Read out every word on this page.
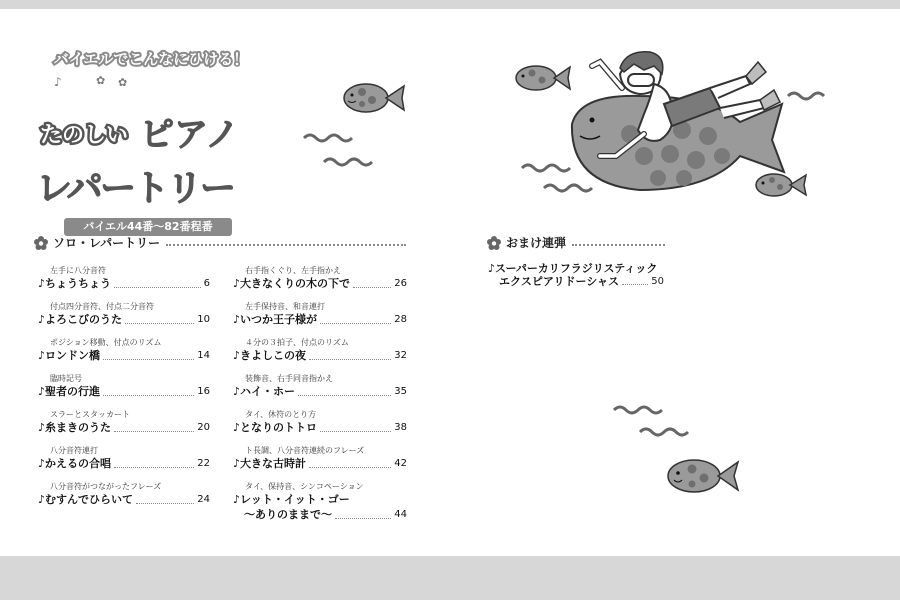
バイエルでこんなにひける！
♪	✿ ✿
たのしい ピアノ
レパートリー
バイエル44番～82番程番
ソロ・レパートリー
左手に八分音符
♪ちょうちょう	6
付点四分音符、付点二分音符
♪よろこびのうた	10
ポジション移動、付点のリズム
♪ロンドン橋	14
臨時記号
♪聖者の行進	16
スラーとスタッカート
♪糸まきのうた	20
八分音符連打
♪かえるの合唱	22
八分音符がつながったフレーズ
♪むすんでひらいて	24
右手指くぐり、左手指かえ
♪大きなくりの木の下で	26
左手保持音、和音連打
♪いつか王子様が	28
４分の３拍子、付点のリズム
♪きよしこの夜	32
装飾音、右手同音指かえ
♪ハイ・ホー	35
タイ、休符のとり方
♪となりのトトロ	38
ト長調、八分音符連続のフレーズ
♪大きな古時計	42
タイ、保持音、シンコペーション
♪レット・イット・ゴー
～ありのままで～	44
おまけ連弾
♪スーパーカリフラジリスティック
エクスピアリドーシャス	50
